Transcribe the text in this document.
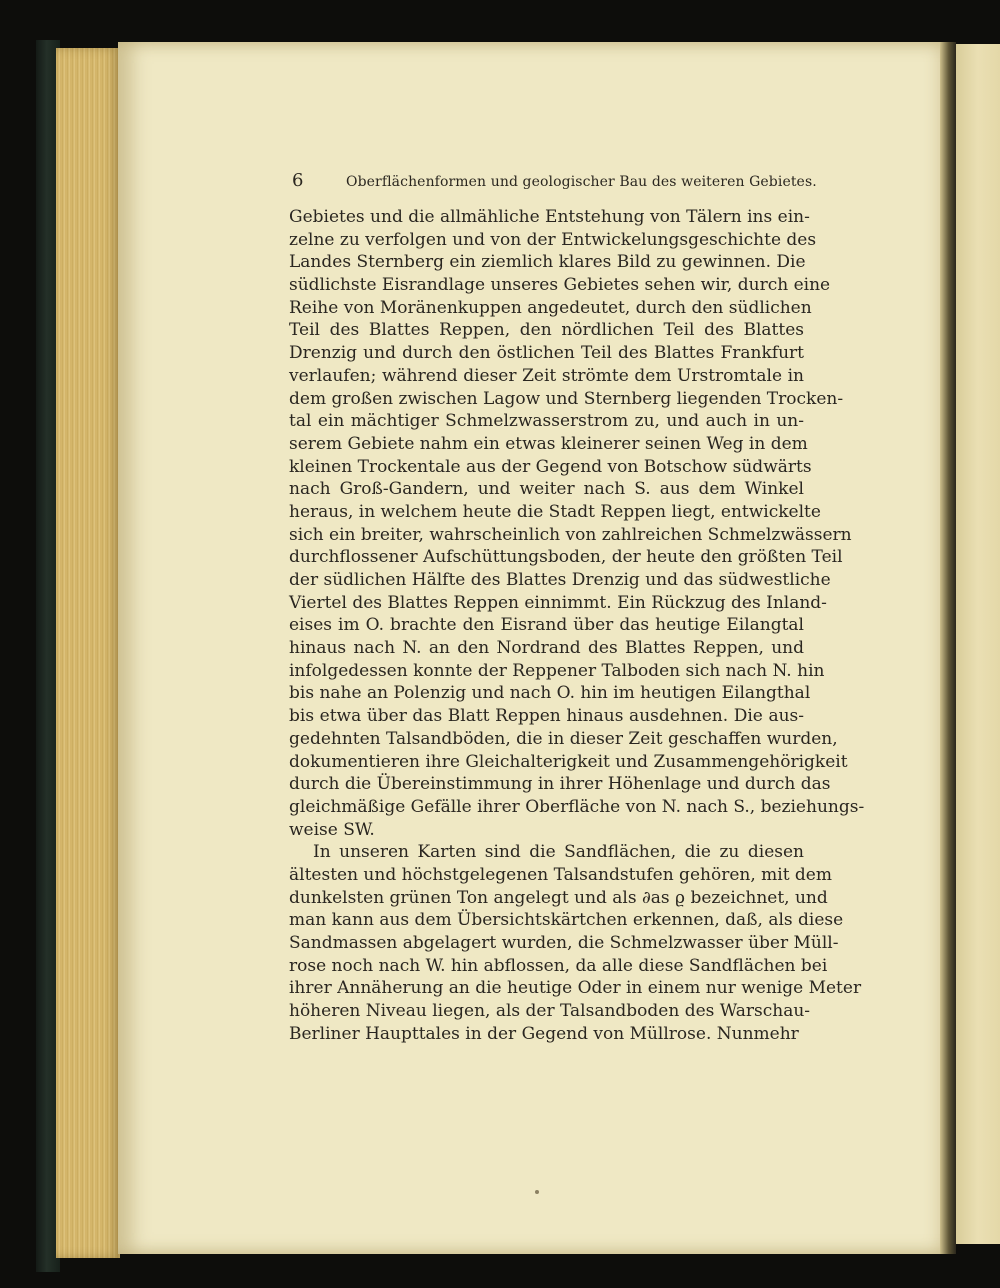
6	Oberflächenformen und geologischer Bau des weiteren Gebietes.
Gebietes und die allmähliche Entstehung von Tälern ins ein-
zelne zu verfolgen und von der Entwickelungsgeschichte des
Landes Sternberg ein ziemlich klares Bild zu gewinnen. Die
südlichste Eisrandlage unseres Gebietes sehen wir, durch eine
Reihe von Moränenkuppen angedeutet, durch den südlichen
Teil des Blattes Reppen, den nördlichen Teil des Blattes
Drenzig und durch den östlichen Teil des Blattes Frankfurt
verlaufen; während dieser Zeit strömte dem Urstromtale in
dem großen zwischen Lagow und Sternberg liegenden Trocken-
tal ein mächtiger Schmelzwasserstrom zu, und auch in un-
serem Gebiete nahm ein etwas kleinerer seinen Weg in dem
kleinen Trockentale aus der Gegend von Botschow südwärts
nach Groß-Gandern, und weiter nach S. aus dem Winkel
heraus, in welchem heute die Stadt Reppen liegt, entwickelte
sich ein breiter, wahrscheinlich von zahlreichen Schmelzwässern
durchflossener Aufschüttungsboden, der heute den größten Teil
der südlichen Hälfte des Blattes Drenzig und das südwestliche
Viertel des Blattes Reppen einnimmt. Ein Rückzug des Inland-
eises im O. brachte den Eisrand über das heutige Eilangtal
hinaus nach N. an den Nordrand des Blattes Reppen, und
infolgedessen konnte der Reppener Talboden sich nach N. hin
bis nahe an Polenzig und nach O. hin im heutigen Eilangthal
bis etwa über das Blatt Reppen hinaus ausdehnen. Die aus-
gedehnten Talsandböden, die in dieser Zeit geschaffen wurden,
dokumentieren ihre Gleichalterigkeit und Zusammengehörigkeit
durch die Übereinstimmung in ihrer Höhenlage und durch das
gleichmäßige Gefälle ihrer Oberfläche von N. nach S., beziehungs-
weise SW.
In unseren Karten sind die Sandflächen, die zu diesen
ältesten und höchstgelegenen Talsandstufen gehören, mit dem
dunkelsten grünen Ton angelegt und als ∂as ϱ bezeichnet, und
man kann aus dem Übersichtskärtchen erkennen, daß, als diese
Sandmassen abgelagert wurden, die Schmelzwasser über Müll-
rose noch nach W. hin abflossen, da alle diese Sandflächen bei
ihrer Annäherung an die heutige Oder in einem nur wenige Meter
höheren Niveau liegen, als der Talsandboden des Warschau-
Berliner Haupttales in der Gegend von Müllrose. Nunmehr
